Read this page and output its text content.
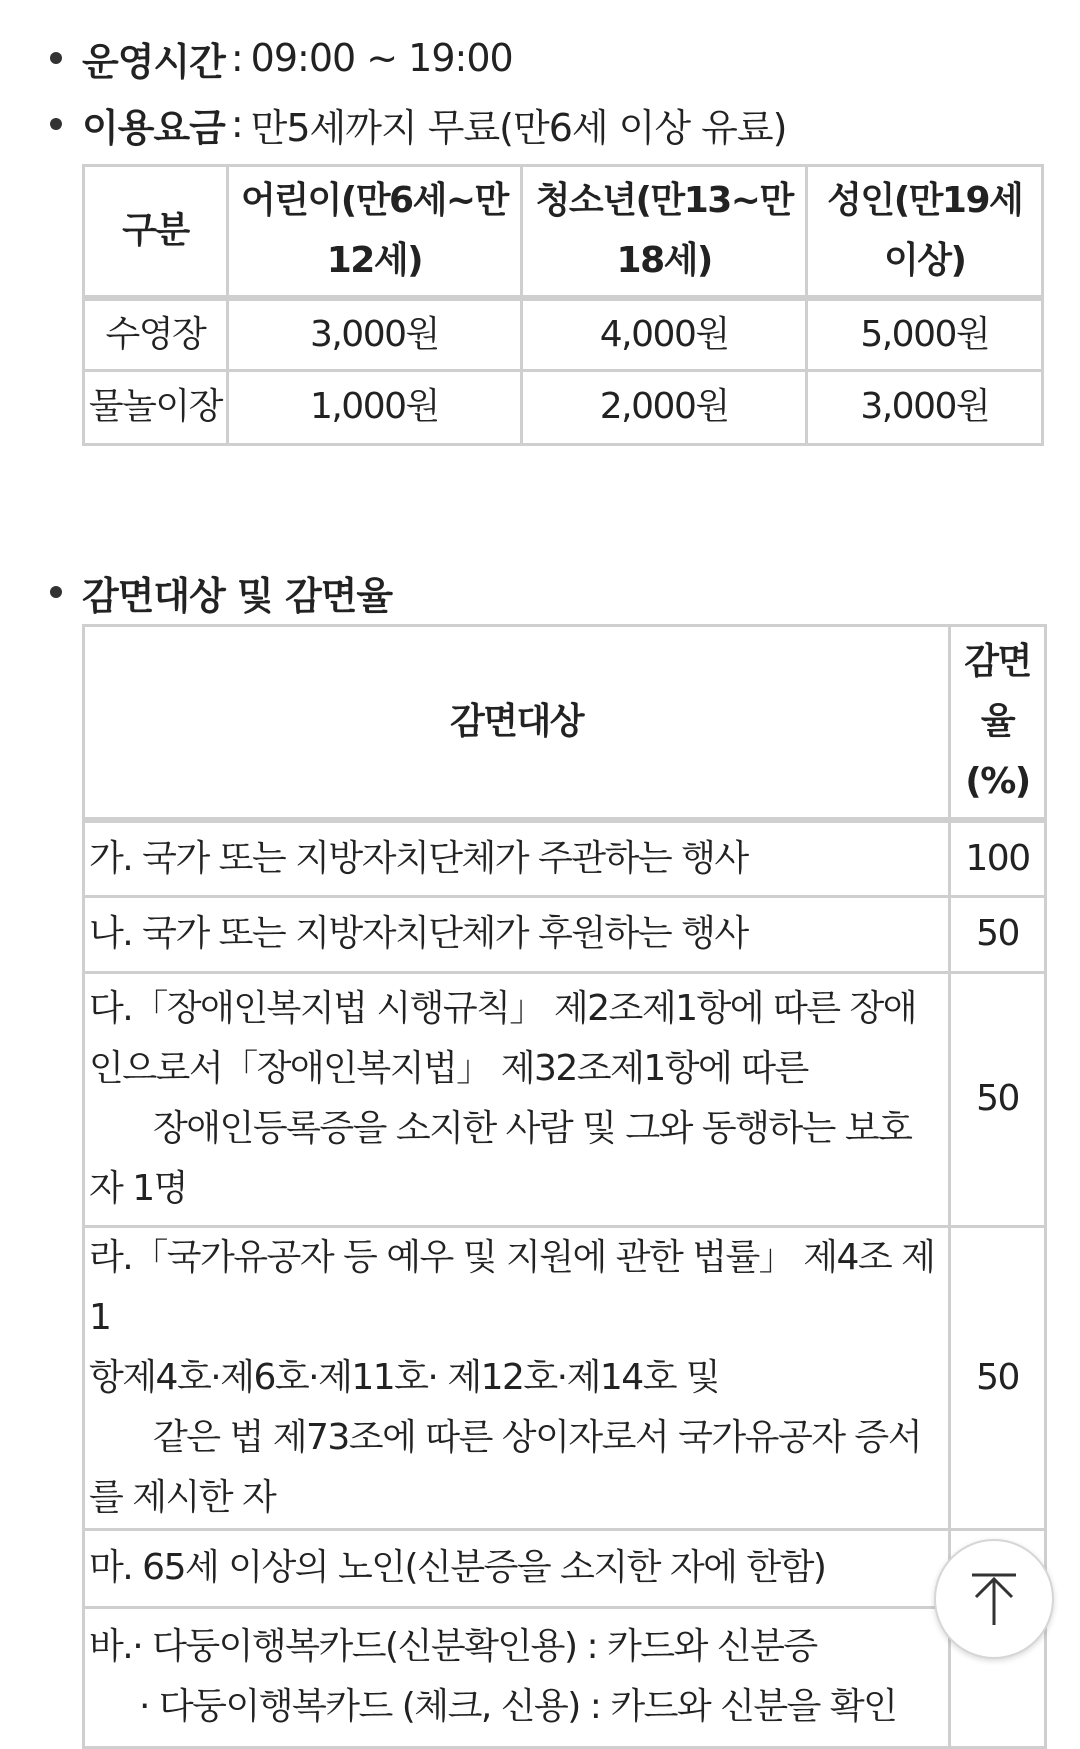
운영시간 : 09:00 ~ 19:00
이용요금 : 만5세까지 무료(만6세 이상 유료)
구분	어린이(만6세~만 12세)	청소년(만13~만 18세)	성인(만19세 이상)
수영장	3,000원	4,000원	5,000원
물놀이장	1,000원	2,000원	3,000원
감면대상 및 감면율
감면대상	감면율(%)
가. 국가 또는 지방자치단체가 주관하는 행사	100
나. 국가 또는 지방자치단체가 후원하는 행사	50

다.「장애인복지법 시행규칙」 제2조제1항에 따른 장애
인으로서「장애인복지법」 제32조제1항에 따른
장애인등록증을 소지한 사람 및 그와 동행하는 보호
자 1명	50

라.「국가유공자 등 예우 및 지원에 관한 법률」 제4조 제1
항제4호·제6호·제11호· 제12호·제14호 및
같은 법 제73조에 따른 상이자로서 국가유공자 증서
를 제시한 자	50
마. 65세 이상의 노인(신분증을 소지한 자에 한함)	

바.· 다둥이행복카드(신분확인용) : 카드와 신분증
· 다둥이행복카드 (체크, 신용) : 카드와 신분을 확인	
